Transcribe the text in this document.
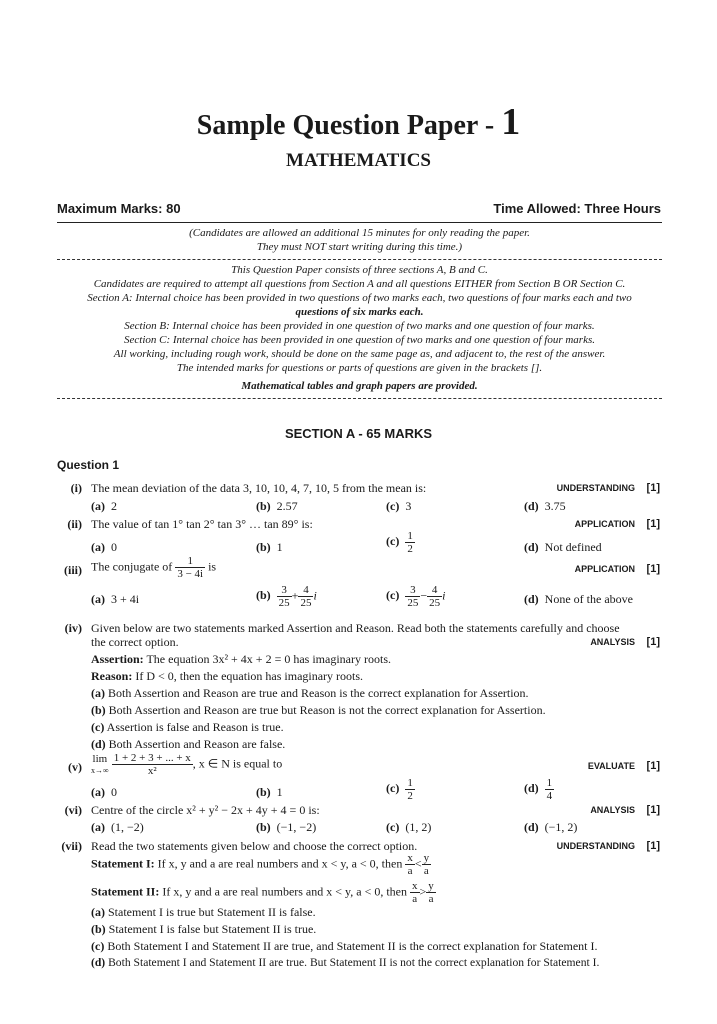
Sample Question Paper - 1
MATHEMATICS
Maximum Marks: 80	Time Allowed: Three Hours
(Candidates are allowed an additional 15 minutes for only reading the paper.
They must NOT start writing during this time.)
This Question Paper consists of three sections A, B and C.
Candidates are required to attempt all questions from Section A and all questions EITHER from Section B OR Section C.
Section A: Internal choice has been provided in two questions of two marks each, two questions of four marks each and two
questions of six marks each.
Section B: Internal choice has been provided in one question of two marks and one question of four marks.
Section C: Internal choice has been provided in one question of two marks and one question of four marks.
All working, including rough work, should be done on the same page as, and adjacent to, the rest of the answer.
The intended marks for questions or parts of questions are given in the brackets [].
Mathematical tables and graph papers are provided.
SECTION A - 65 MARKS
Question 1
(i) The mean deviation of the data 3, 10, 10, 4, 7, 10, 5 from the mean is:	UNDERSTANDING [1]
(a) 2	(b) 2.57	(c) 3	(d) 3.75
(ii) The value of tan 1° tan 2° tan 3° … tan 89° is:	APPLICATION [1]
(a) 0	(b) 1	$(c) \frac{1}{2}$	(d) Not defined
(iii) The conjugate of $\frac{1}{3 - 4i}$ is	APPLICATION [1]
(a) 3 + 4i	$(b) \frac{3}{25} + \frac{4}{25}$ i	$(c) \frac{3}{25} - \frac{4}{25}$ i	(d) None of the above
(iv) Given below are two statements marked Assertion and Reason. Read both the statements carefully and choose
the correct option.	ANALYSIS [1]
Assertion: The equation 3x² + 4x + 2 = 0 has imaginary roots.
Reason: If D < 0, then the equation has imaginary roots.
(a) Both Assertion and Reason are true and Reason is the correct explanation for Assertion.
(b) Both Assertion and Reason are true but Reason is not the correct explanation for Assertion.
(c) Assertion is false and Reason is true.
(d) Both Assertion and Reason are false.
(v)
lim
x→∞
$\frac{1 + 2 + 3 + ... + x}{\text{x²}}$ , x ∈ N is equal to	EVALUATE [1]
(a) 0	(b) 1	$(c) \frac{1}{2}$	$(d) \frac{1}{4}$
(vi) Centre of the circle x² + y² − 2x + 4y + 4 = 0 is:	ANALYSIS [1]
(a) (1, −2)	(b) (−1, −2)	(c) (1, 2)	(d) (−1, 2)
(vii) Read the two statements given below and choose the correct option.	UNDERSTANDING [1]
Statement I: If x, y and a are real numbers and x < y, a < 0, then $\frac{x}{a} < \frac{y}{a}$
Statement II: If x, y and a are real numbers and x < y, a < 0, then $\frac{x}{a} > \frac{y}{a}$
(a) Statement I is true but Statement II is false.
(b) Statement I is false but Statement II is true.
(c) Both Statement I and Statement II are true, and Statement II is the correct explanation for Statement I.
(d) Both Statement I and Statement II are true. But Statement II is not the correct explanation for Statement I.
